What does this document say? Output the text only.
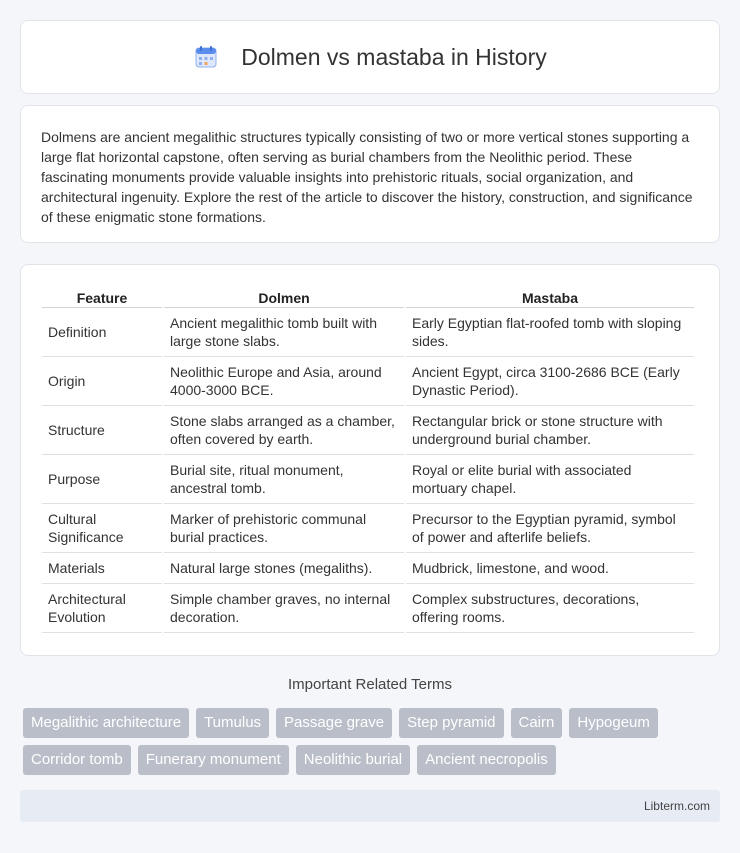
Dolmen vs mastaba in History

Dolmens are ancient megalithic structures typically consisting of two or more vertical stones supporting a large flat horizontal capstone, often serving as burial chambers from the Neolithic period. These fascinating monuments provide valuable insights into prehistoric rituals, social organization, and architectural ingenuity. Explore the rest of the article to discover the history, construction, and significance of these enigmatic stone formations.

Feature	Dolmen	Mastaba
Definition	Ancient megalithic tomb built with large stone slabs.	Early Egyptian flat-roofed tomb with sloping sides.
Origin	Neolithic Europe and Asia, around 4000-3000 BCE.	Ancient Egypt, circa 3100-2686 BCE (Early Dynastic Period).
Structure	Stone slabs arranged as a chamber, often covered by earth.	Rectangular brick or stone structure with underground burial chamber.
Purpose	Burial site, ritual monument, ancestral tomb.	Royal or elite burial with associated mortuary chapel.
Cultural Significance	Marker of prehistoric communal burial practices.	Precursor to the Egyptian pyramid, symbol of power and afterlife beliefs.
Materials	Natural large stones (megaliths).	Mudbrick, limestone, and wood.
Architectural Evolution	Simple chamber graves, no internal decoration.	Complex substructures, decorations, offering rooms.
Important Related Terms
Megalithic architecture	Tumulus	Passage grave	Step pyramid	Cairn	Hypogeum
Corridor tomb	Funerary monument	Neolithic burial	Ancient necropolis
Libterm.com
